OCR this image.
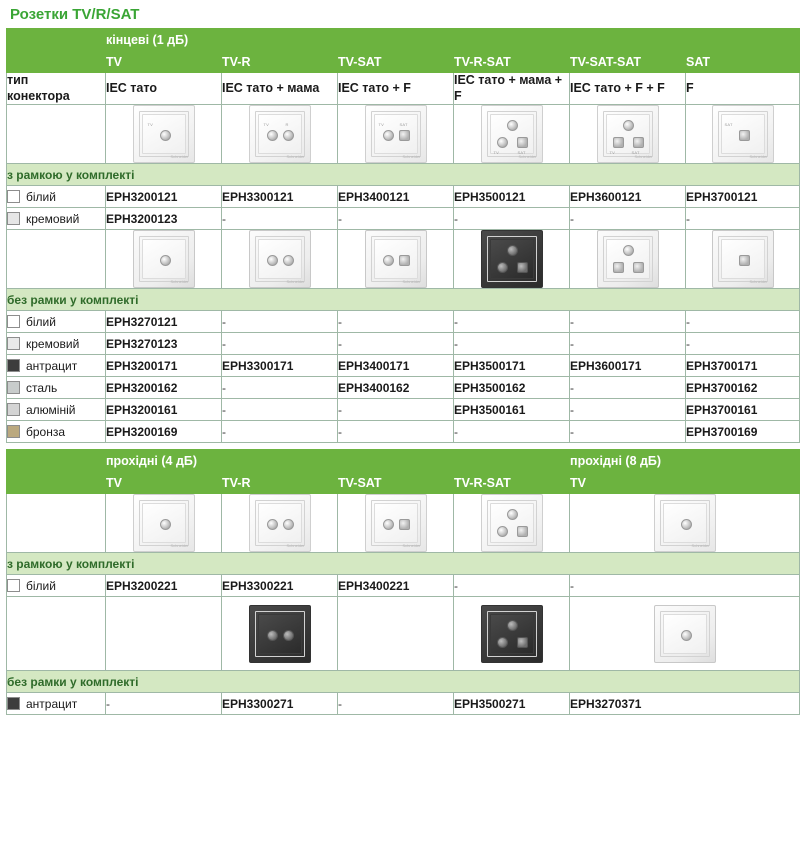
Розетки TV/R/SAT
	кінцеві (1 дБ)					
	TV	TV-R	TV-SAT	TV-R-SAT	TV-SAT-SAT	SAT
тип
конектора	IEC тато	IEC тато + мама	IEC тато + F	IEC тато + мама + F	IEC тато + F + F	F

TV
Schneider

TV	R
Schneider

TV	SAT
Schneider

TV	SAT
Schneider

TV	SAT
Schneider

SAT
Schneider

з рамкою у комплекті						

білий	EPH3200121	EPH3300121	EPH3400121	EPH3500121	EPH3600121	EPH3700121

кремовий	EPH3200123	-	-	-	-	-

	Schneider	Schneider	Schneider			Schneider

без рамки у комплекті						

білий	EPH3270121	-	-	-	-	-

кремовий	EPH3270123	-	-	-	-	-

антрацит	EPH3200171	EPH3300171	EPH3400171	EPH3500171	EPH3600171	EPH3700171

сталь	EPH3200162	-	EPH3400162	EPH3500162	-	EPH3700162

алюміній	EPH3200161	-	-	EPH3500161	-	EPH3700161

бронза	EPH3200169	-	-	-	-	EPH3700169
	прохідні (4 дБ)				прохідні (8 дБ)
	TV	TV-R	TV-SAT	TV-R-SAT	TV

	Schneider	Schneider	Schneider		Schneider

з рамкою у комплекті					

білий	EPH3200221	EPH3300221	EPH3400221	-	-

без рамки у комплекті					

антрацит	-	EPH3300271	-	EPH3500271	EPH3270371
